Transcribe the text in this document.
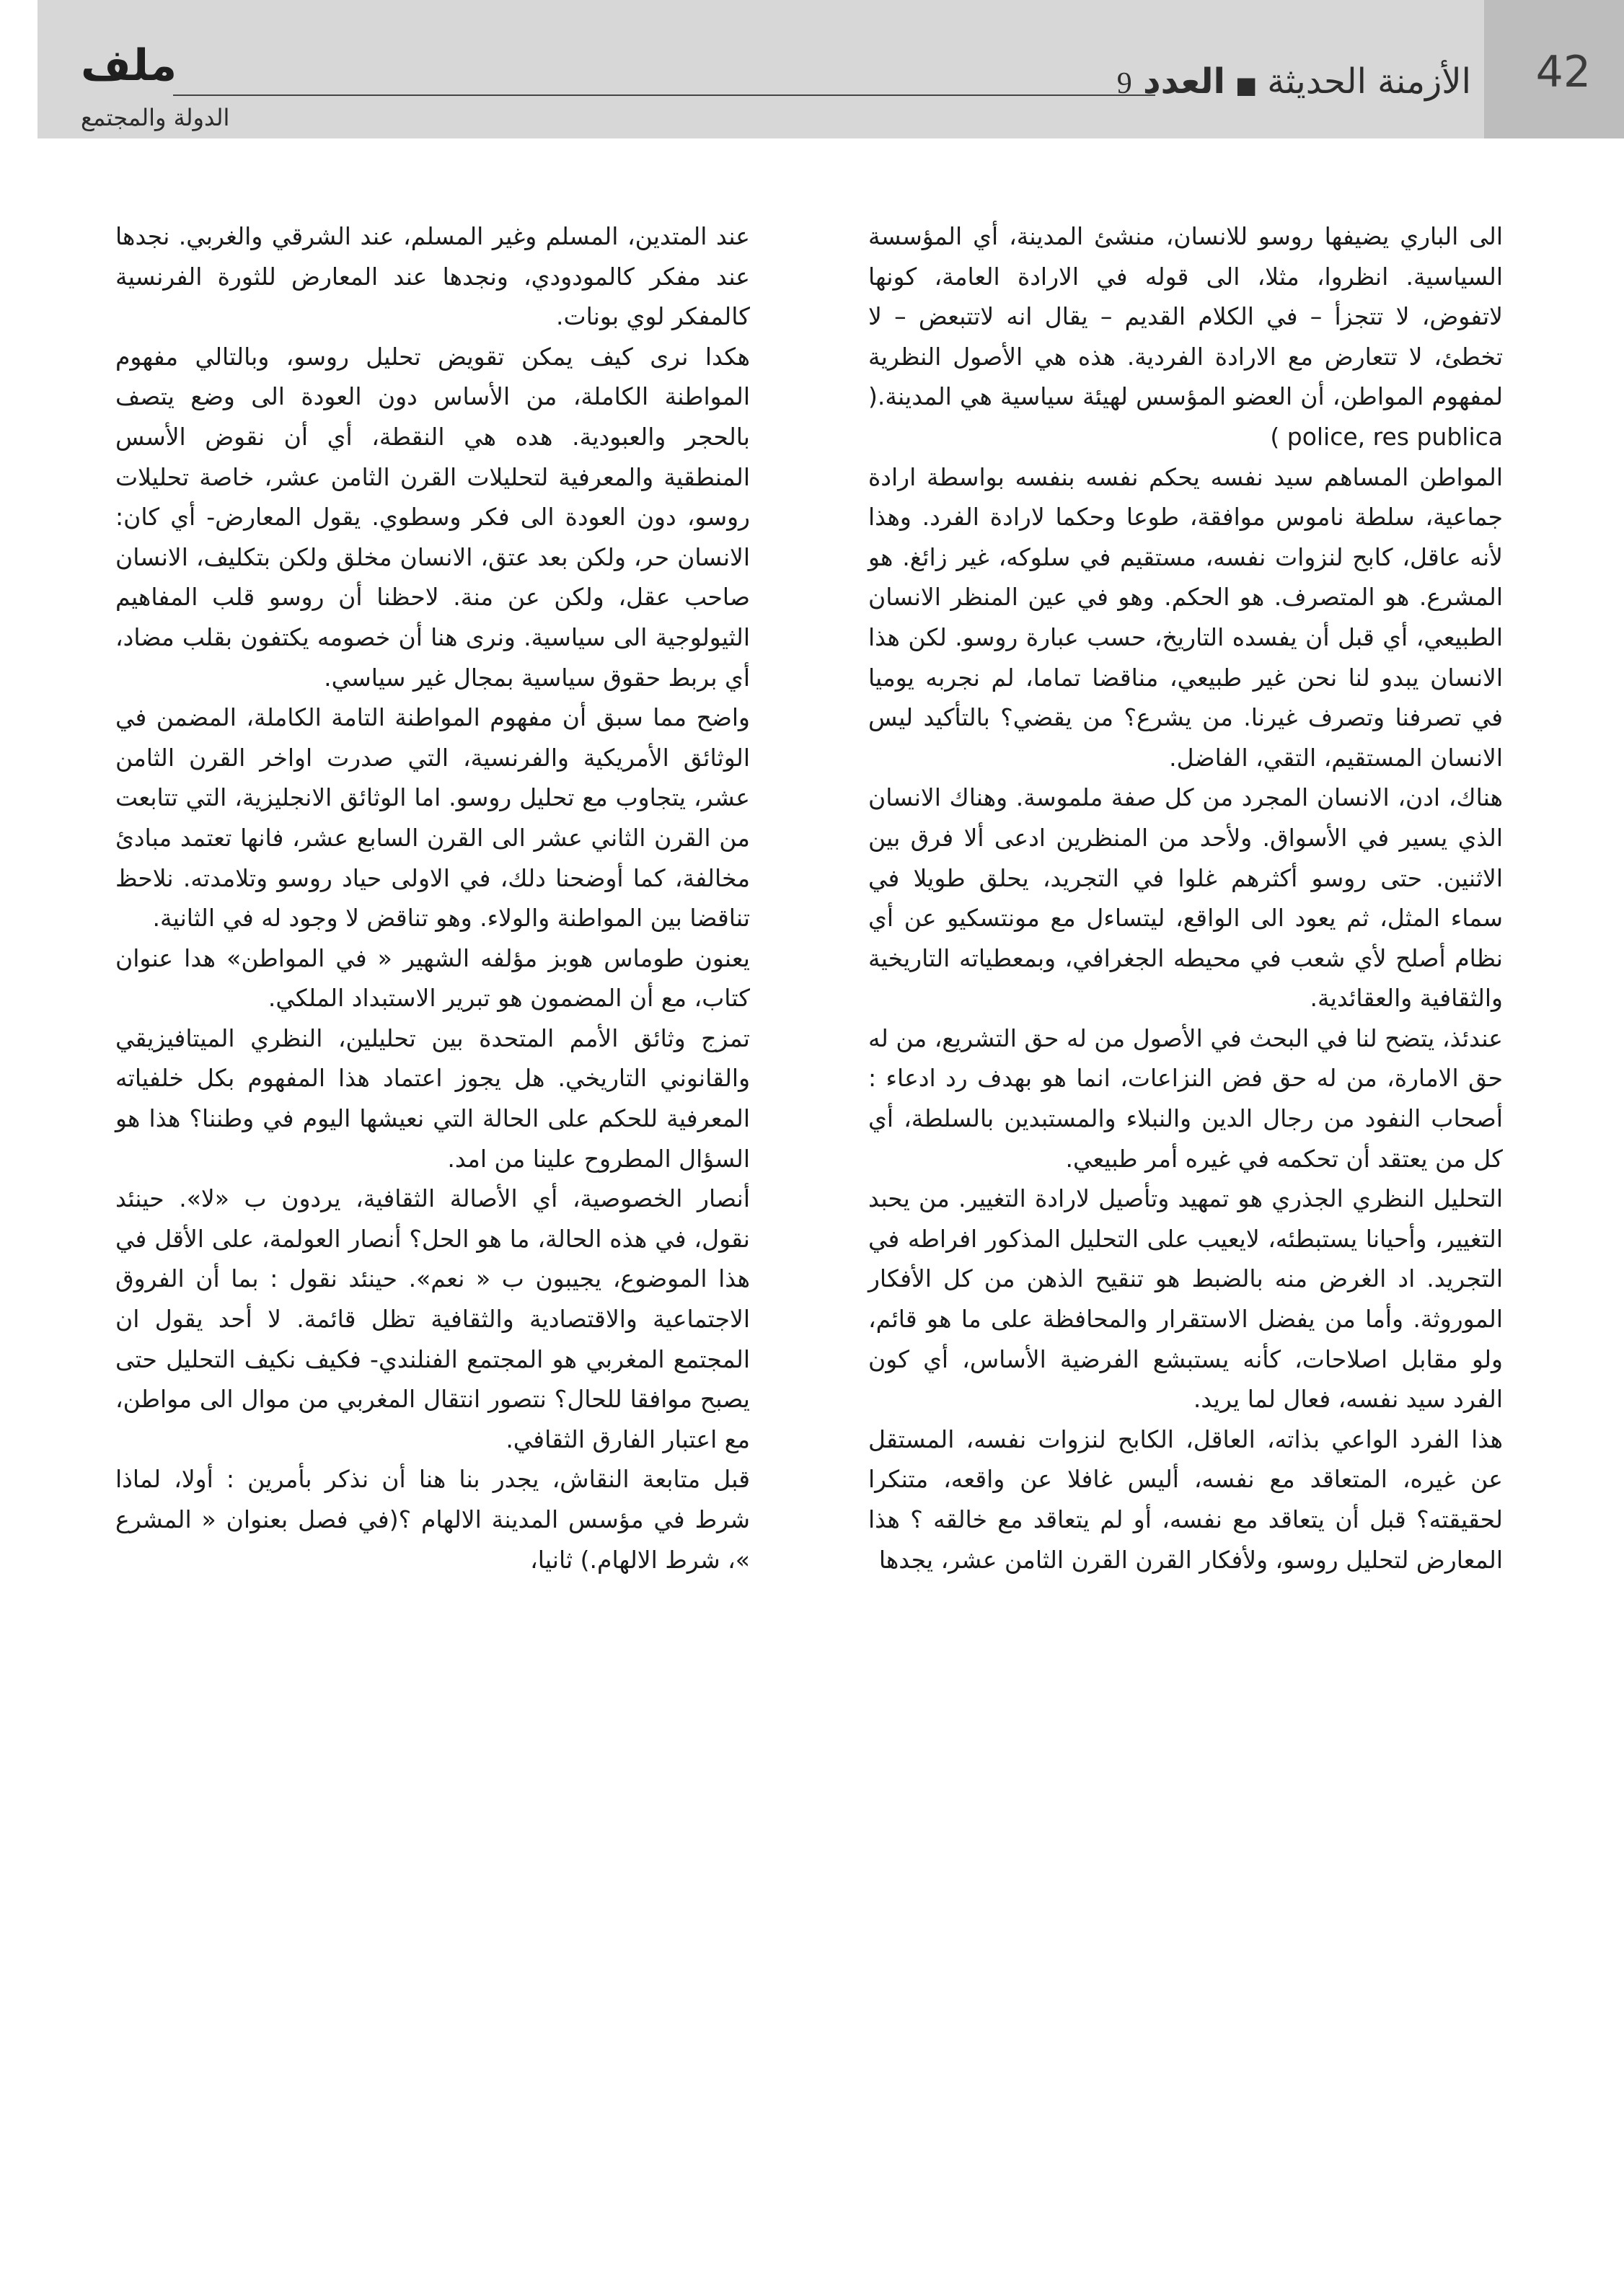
42
الأزمنة الحديثة■العدد 9
ملف
الدولة والمجتمع

الى الباري يضيفها روسو للانسان، منشئ المدينة، أي المؤسسة السياسية. انظروا، مثلا، الى قوله في الارادة العامة، كونها لاتفوض، لا تتجزأ – في الكلام القديم – يقال انه لاتتبعض – لا تخطئ، لا تتعارض مع الارادة الفردية. هذه هي الأصول النظرية لمفهوم المواطن، أن العضو المؤسس لهيئة سياسية هي المدينة.( police, res publica )

المواطن المساهم سيد نفسه يحكم نفسه بنفسه بواسطة ارادة جماعية، سلطة ناموس موافقة، طوعا وحكما لارادة الفرد. وهذا لأنه عاقل، كابح لنزوات نفسه، مستقيم في سلوكه، غير زائغ. هو المشرع. هو المتصرف. هو الحكم. وهو في عين المنظر الانسان الطبيعي، أي قبل أن يفسده التاريخ، حسب عبارة روسو. لكن هذا الانسان يبدو لنا نحن غير طبيعي، مناقضا تماما، لم نجربه يوميا في تصرفنا وتصرف غيرنا. من يشرع؟ من يقضي؟ بالتأكيد ليس الانسان المستقيم، التقي، الفاضل.

هناك، ادن، الانسان المجرد من كل صفة ملموسة. وهناك الانسان الذي يسير في الأسواق. ولأحد من المنظرين ادعى ألا فرق بين الاثنين. حتى روسو أكثرهم غلوا في التجريد، يحلق طويلا في سماء المثل، ثم يعود الى الواقع، ليتساءل مع مونتسكيو عن أي نظام أصلح لأي شعب في محيطه الجغرافي، وبمعطياته التاريخية والثقافية والعقائدية.

عندئذ، يتضح لنا في البحث في الأصول من له حق التشريع، من له حق الامارة، من له حق فض النزاعات، انما هو بهدف رد ادعاء : أصحاب النفود من رجال الدين والنبلاء والمستبدين بالسلطة، أي كل من يعتقد أن تحكمه في غيره أمر طبيعي.

التحليل النظري الجذري هو تمهيد وتأصيل لارادة التغيير. من يحبد التغيير، وأحيانا يستبطئه، لايعيب على التحليل المذكور افراطه في التجريد. اد الغرض منه بالضبط هو تنقيح الذهن من كل الأفكار الموروثة. وأما من يفضل الاستقرار والمحافظة على ما هو قائم، ولو مقابل اصلاحات، كأنه يستبشع الفرضية الأساس، أي كون الفرد سيد نفسه، فعال لما يريد.

هذا الفرد الواعي بذاته، العاقل، الكابح لنزوات نفسه، المستقل عن غيره، المتعاقد مع نفسه، أليس غافلا عن واقعه، متنكرا لحقيقته؟ قبل أن يتعاقد مع نفسه، أو لم يتعاقد مع خالقه ؟ هذا المعارض لتحليل روسو، ولأفكار القرن القرن الثامن عشر، يجدها

عند المتدين، المسلم وغير المسلم، عند الشرقي والغربي. نجدها عند مفكر كالمودودي، ونجدها عند المعارض للثورة الفرنسية كالمفكر لوي بونات.

هكدا نرى كيف يمكن تقويض تحليل روسو، وبالتالي مفهوم المواطنة الكاملة، من الأساس دون العودة الى وضع يتصف بالحجر والعبودية. هده هي النقطة، أي أن نقوض الأسس المنطقية والمعرفية لتحليلات القرن الثامن عشر، خاصة تحليلات روسو، دون العودة الى فكر وسطوي. يقول المعارض- أي كان: الانسان حر، ولكن بعد عتق، الانسان مخلق ولكن بتكليف، الانسان صاحب عقل، ولكن عن منة. لاحظنا أن روسو قلب المفاهيم الثيولوجية الى سياسية. ونرى هنا أن خصومه يكتفون بقلب مضاد، أي بربط حقوق سياسية بمجال غير سياسي.

واضح مما سبق أن مفهوم المواطنة التامة الكاملة، المضمن في الوثائق الأمريكية والفرنسية، التي صدرت اواخر القرن الثامن عشر، يتجاوب مع تحليل روسو. اما الوثائق الانجليزية، التي تتابعت من القرن الثاني عشر الى القرن السابع عشر، فانها تعتمد مبادئ مخالفة، كما أوضحنا دلك، في الاولى حياد روسو وتلامدته. نلاحظ تناقضا بين المواطنة والولاء. وهو تناقض لا وجود له في الثانية.

يعنون طوماس هوبز مؤلفه الشهير « في المواطن» هدا عنوان كتاب، مع أن المضمون هو تبرير الاستبداد الملكي.

تمزج وثائق الأمم المتحدة بين تحليلين، النظري الميتافيزيقي والقانوني التاريخي. هل يجوز اعتماد هذا المفهوم بكل خلفياته المعرفية للحكم على الحالة التي نعيشها اليوم في وطننا؟ هذا هو السؤال المطروح علينا من امد.

أنصار الخصوصية، أي الأصالة الثقافية، يردون ب «لا». حينئد نقول، في هذه الحالة، ما هو الحل؟ أنصار العولمة، على الأقل في هذا الموضوع، يجيبون ب « نعم». حينئد نقول : بما أن الفروق الاجتماعية والاقتصادية والثقافية تظل قائمة. لا أحد يقول ان المجتمع المغربي هو المجتمع الفنلندي- فكيف نكيف التحليل حتى يصبح موافقا للحال؟ نتصور انتقال المغربي من موال الى مواطن، مع اعتبار الفارق الثقافي.

قبل متابعة النقاش، يجدر بنا هنا أن نذكر بأمرين : أولا، لماذا شرط في مؤسس المدينة الالهام ؟(في فصل بعنوان « المشرع »، شرط الالهام.) ثانيا،
